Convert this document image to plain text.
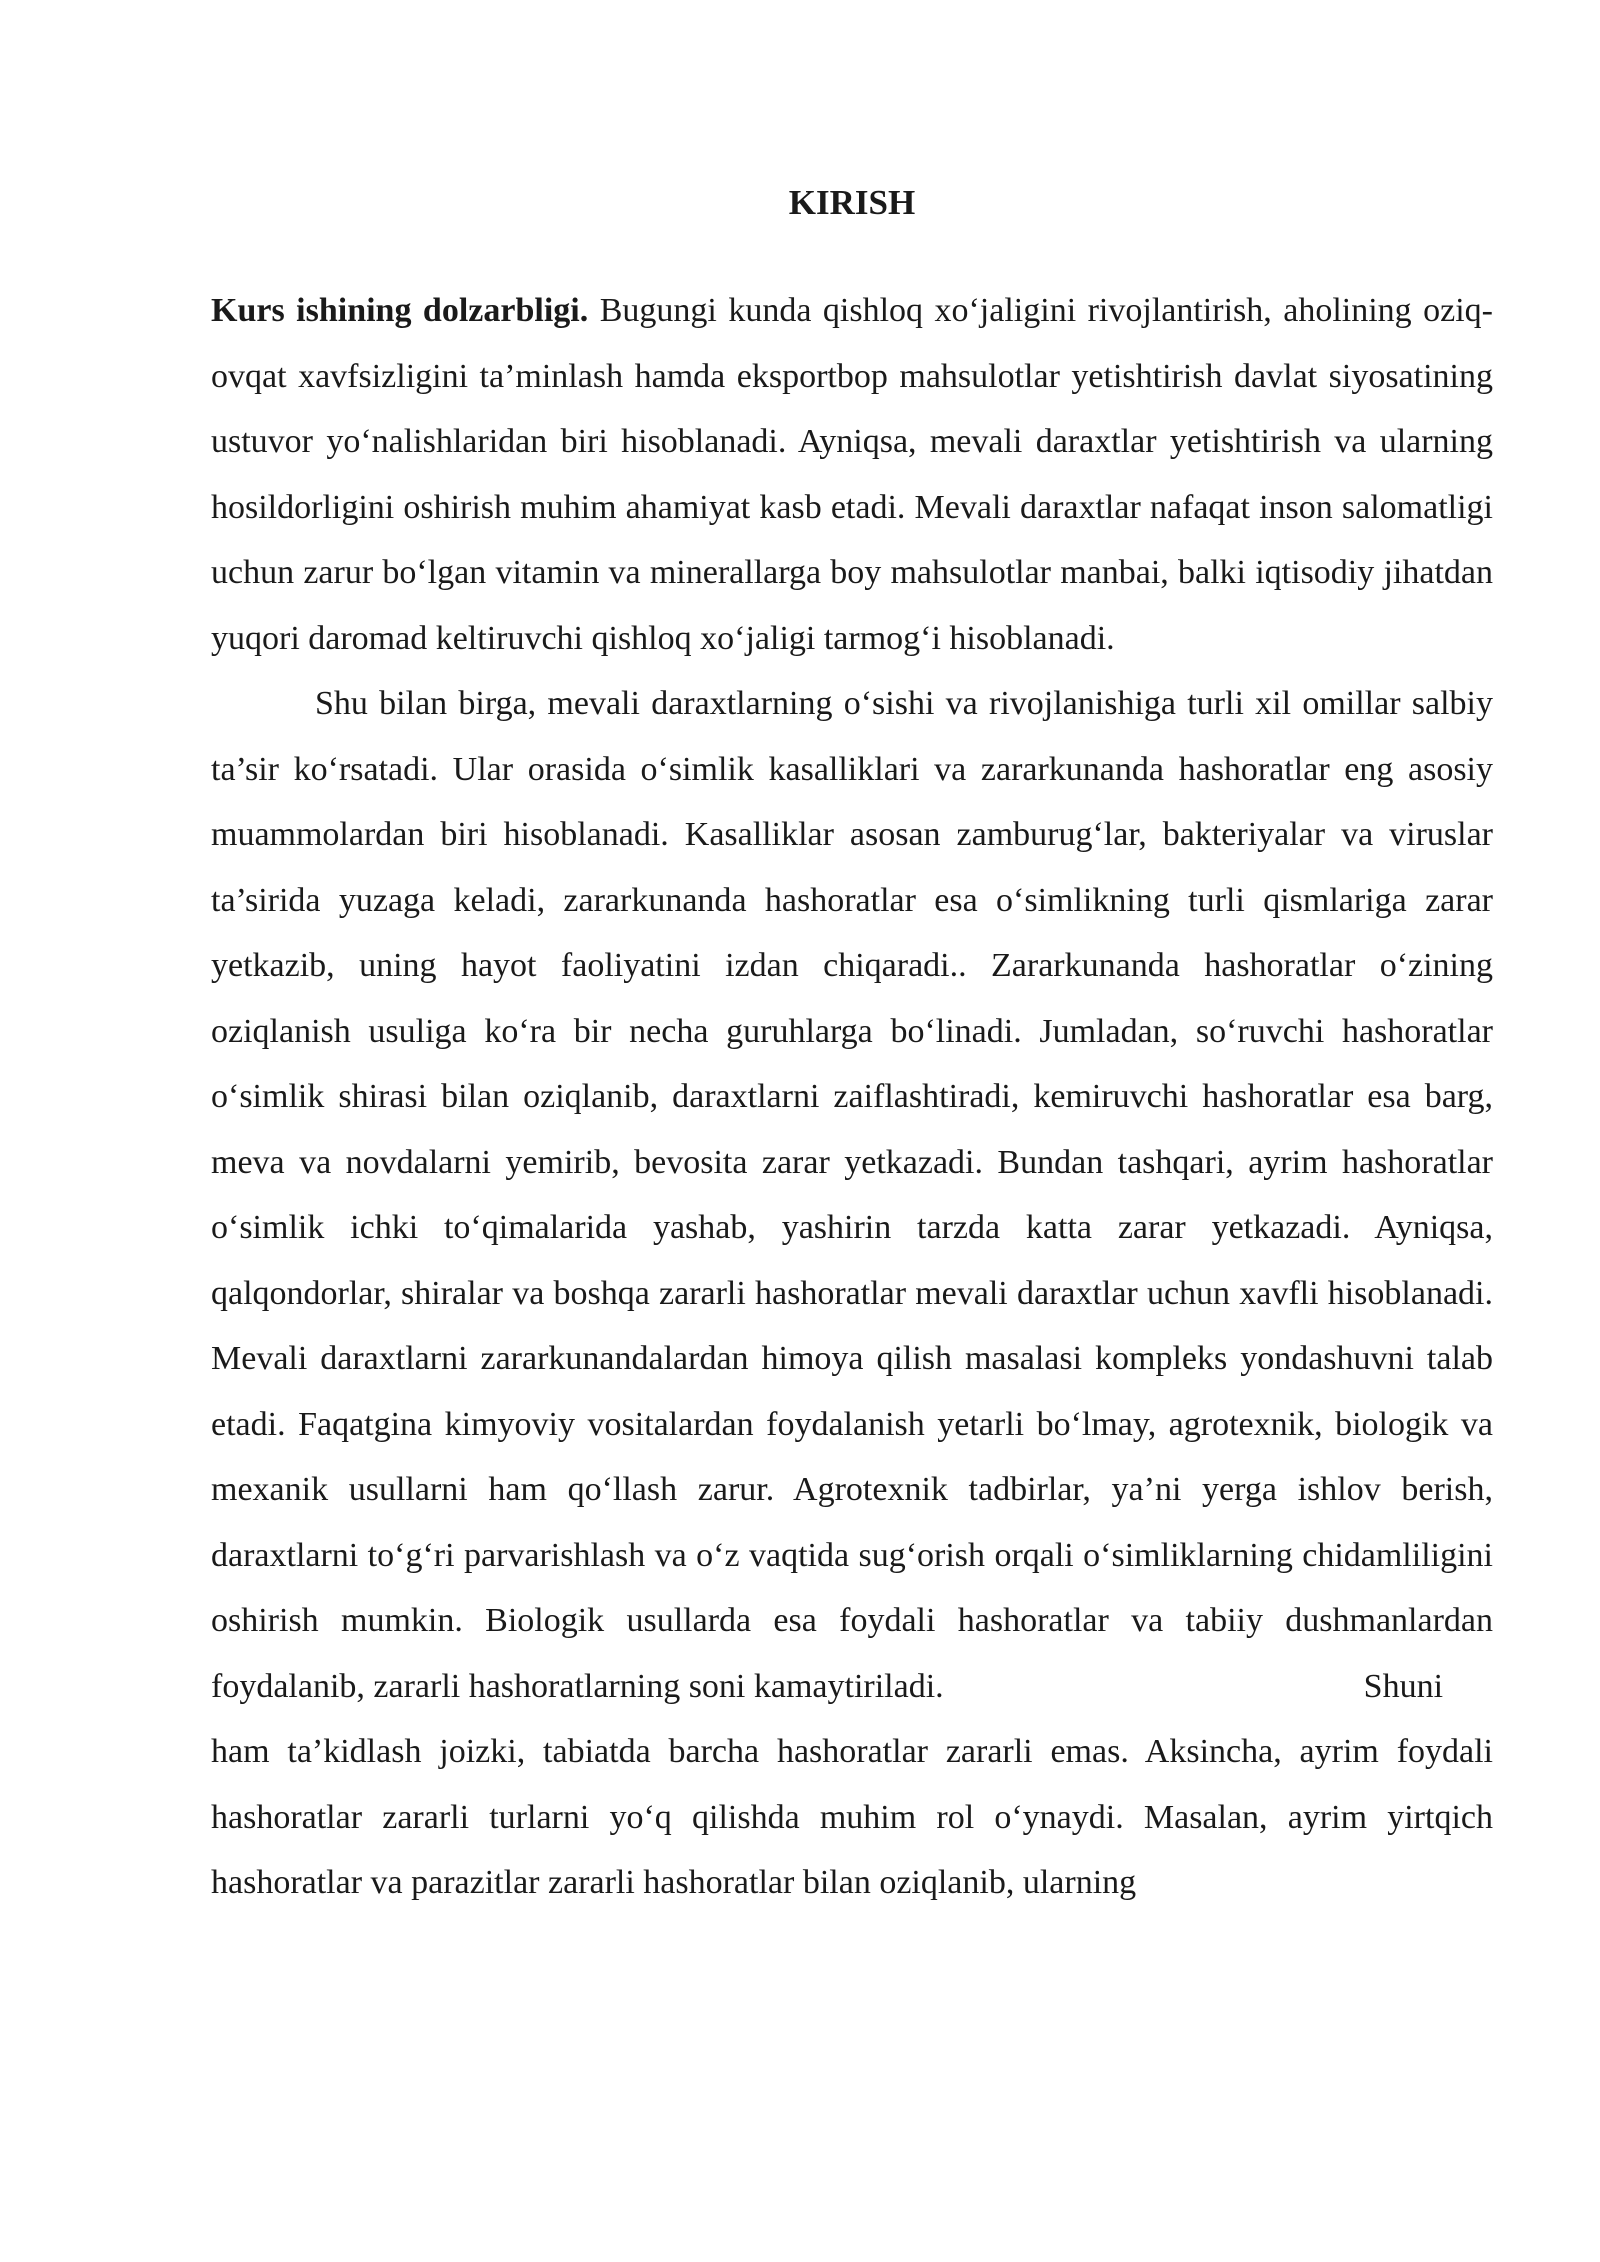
KIRISH

Kurs ishining dolzarbligi. Bugungi kunda qishloq xo‘jaligini rivojlantirish, aholining oziq-ovqat xavfsizligini ta’minlash hamda eksportbop mahsulotlar yetishtirish davlat siyosatining ustuvor yo‘nalishlaridan biri hisoblanadi. Ayniqsa, mevali daraxtlar yetishtirish va ularning hosildorligini oshirish muhim ahamiyat kasb etadi. Mevali daraxtlar nafaqat inson salomatligi uchun zarur bo‘lgan vitamin va minerallarga boy mahsulotlar manbai, balki iqtisodiy jihatdan yuqori daromad keltiruvchi qishloq xo‘jaligi tarmog‘i hisoblanadi.

Shu bilan birga, mevali daraxtlarning o‘sishi va rivojlanishiga turli xil omillar salbiy ta’sir ko‘rsatadi. Ular orasida o‘simlik kasalliklari va zararkunanda hashoratlar eng asosiy muammolardan biri hisoblanadi. Kasalliklar asosan zamburug‘lar, bakteriyalar va viruslar ta’sirida yuzaga keladi, zararkunanda hashoratlar esa o‘simlikning turli qismlariga zarar yetkazib, uning hayot faoliyatini izdan chiqaradi.. Zararkunanda hashoratlar o‘zining oziqlanish usuliga ko‘ra bir necha guruhlarga bo‘linadi. Jumladan, so‘ruvchi hashoratlar o‘simlik shirasi bilan oziqlanib, daraxtlarni zaiflashtiradi, kemiruvchi hashoratlar esa barg, meva va novdalarni yemirib, bevosita zarar yetkazadi. Bundan tashqari, ayrim hashoratlar o‘simlik ichki to‘qimalarida yashab, yashirin tarzda katta zarar yetkazadi. Ayniqsa, qalqondorlar, shiralar va boshqa zararli hashoratlar mevali daraxtlar uchun xavfli hisoblanadi. Mevali daraxtlarni zararkunandalardan himoya qilish masalasi kompleks yondashuvni talab etadi. Faqatgina kimyoviy vositalardan foydalanish yetarli bo‘lmay, agrotexnik, biologik va mexanik usullarni ham qo‘llash zarur. Agrotexnik tadbirlar, ya’ni yerga ishlov berish, daraxtlarni to‘g‘ri parvarishlash va o‘z vaqtida sug‘orish orqali o‘simliklarning chidamliligini oshirish mumkin. Biologik usullarda esa foydali hashoratlar va tabiiy dushmanlardan foydalanib, zararli hashoratlarning soni kamaytiriladi.	Shuni

ham ta’kidlash joizki, tabiatda barcha hashoratlar zararli emas. Aksincha, ayrim foydali hashoratlar zararli turlarni yo‘q qilishda muhim rol o‘ynaydi. Masalan, ayrim yirtqich hashoratlar va parazitlar zararli hashoratlar bilan oziqlanib, ularning
